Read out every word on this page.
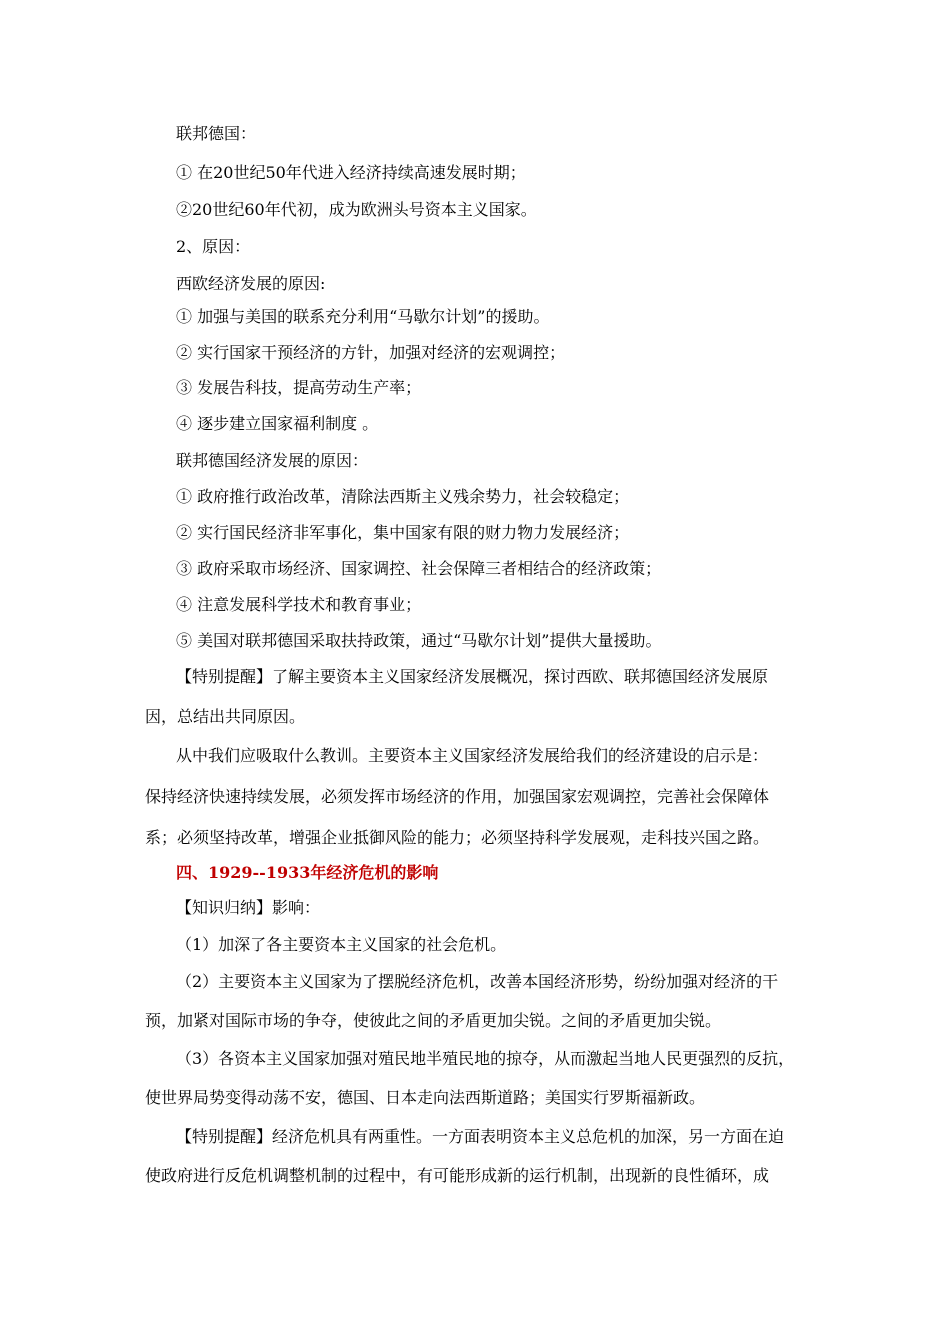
联邦德国：
① 在20世纪50年代进入经济持续高速发展时期；
②20世纪60年代初，成为欧洲头号资本主义国家。
2、原因：
西欧经济发展的原因:
① 加强与美国的联系充分利用“马歇尔计划”的援助。
② 实行国家干预经济的方针，加强对经济的宏观调控；
③ 发展告科技，提高劳动生产率；
④ 逐步建立国家福利制度 。
联邦德国经济发展的原因：
① 政府推行政治改革，清除法西斯主义残余势力，社会较稳定；
② 实行国民经济非军事化，集中国家有限的财力物力发展经济；
③ 政府采取市场经济、国家调控、社会保障三者相结合的经济政策；
④ 注意发展科学技术和教育事业；
⑤ 美国对联邦德国采取扶持政策，通过“马歇尔计划”提供大量援助。
【特别提醒】了解主要资本主义国家经济发展概况，探讨西欧、联邦德国经济发展原
因，总结出共同原因。
从中我们应吸取什么教训。主要资本主义国家经济发展给我们的经济建设的启示是：
保持经济快速持续发展，必须发挥市场经济的作用，加强国家宏观调控，完善社会保障体
系；必须坚持改革，增强企业抵御风险的能力；必须坚持科学发展观，走科技兴国之路。
四、1929--1933年经济危机的影响
【知识归纳】影响：
（1）加深了各主要资本主义国家的社会危机。
（2）主要资本主义国家为了摆脱经济危机，改善本国经济形势，纷纷加强对经济的干
预，加紧对国际市场的争夺，使彼此之间的矛盾更加尖锐。之间的矛盾更加尖锐。
（3）各资本主义国家加强对殖民地半殖民地的掠夺，从而激起当地人民更强烈的反抗，
使世界局势变得动荡不安，德国、日本走向法西斯道路；美国实行罗斯福新政。
【特别提醒】经济危机具有两重性。一方面表明资本主义总危机的加深，另一方面在迫
使政府进行反危机调整机制的过程中，有可能形成新的运行机制，出现新的良性循环，成
